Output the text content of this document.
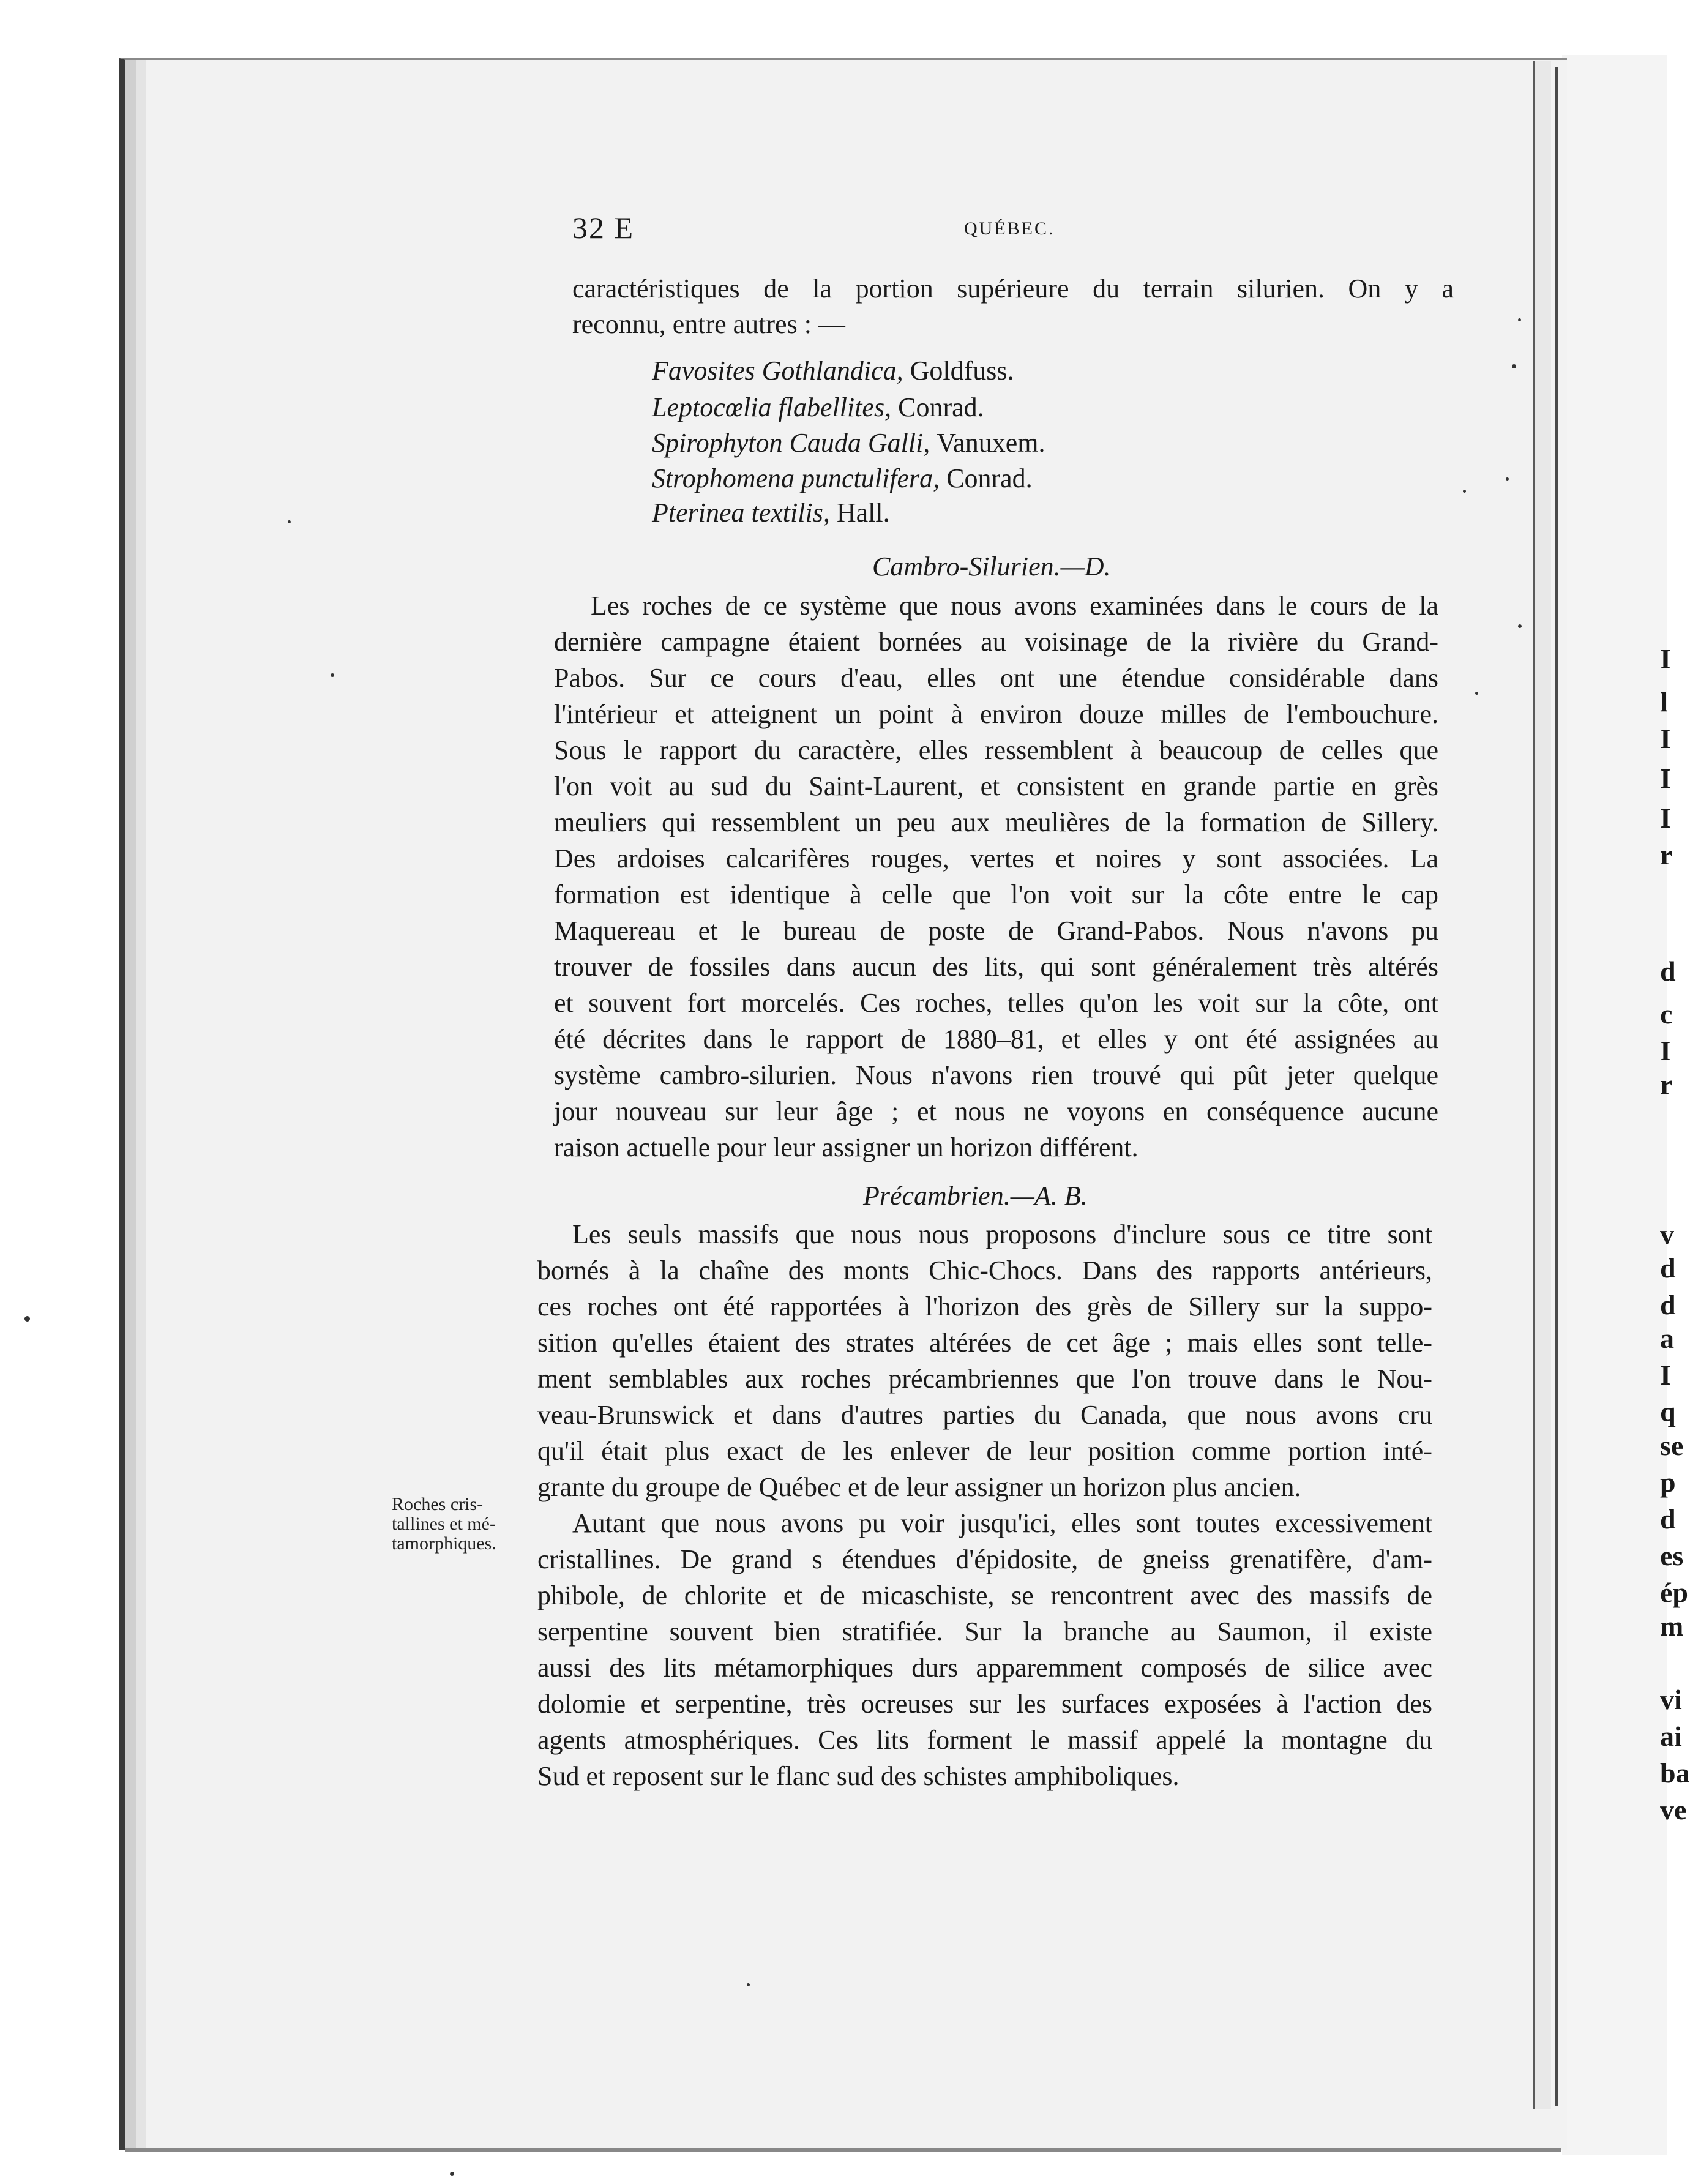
I
l
I
I
I
r
d
c
I
r
v
d
d
a
I
q
se
p
d
es
ép
m
vi
ai
ba
ve
32 E	QUÉBEC.
caractéristiques de la portion supérieure du terrain silurien. On y a
reconnu, entre autres : —
Favosites Gothlandica, Goldfuss.
Leptocœlia flabellites, Conrad.
Spirophyton Cauda Galli, Vanuxem.
Strophomena punctulifera, Conrad.
Pterinea textilis, Hall.
Cambro-Silurien.—D.
Les roches de ce système que nous avons examinées dans le cours de la
dernière campagne étaient bornées au voisinage de la rivière du Grand-
Pabos. Sur ce cours d'eau, elles ont une étendue considérable dans
l'intérieur et atteignent un point à environ douze milles de l'embouchure.
Sous le rapport du caractère, elles ressemblent à beaucoup de celles que
l'on voit au sud du Saint-Laurent, et consistent en grande partie en grès
meuliers qui ressemblent un peu aux meulières de la formation de Sillery.
Des ardoises calcarifères rouges, vertes et noires y sont associées. La
formation est identique à celle que l'on voit sur la côte entre le cap
Maquereau et le bureau de poste de Grand-Pabos. Nous n'avons pu
trouver de fossiles dans aucun des lits, qui sont généralement très altérés
et souvent fort morcelés. Ces roches, telles qu'on les voit sur la côte, ont
été décrites dans le rapport de 1880–81, et elles y ont été assignées au
système cambro-silurien. Nous n'avons rien trouvé qui pût jeter quelque
jour nouveau sur leur âge ; et nous ne voyons en conséquence aucune
raison actuelle pour leur assigner un horizon différent.
Précambrien.—A. B.
Les seuls massifs que nous nous proposons d'inclure sous ce titre sont
bornés à la chaîne des monts Chic-Chocs. Dans des rapports antérieurs,
ces roches ont été rapportées à l'horizon des grès de Sillery sur la suppo-
sition qu'elles étaient des strates altérées de cet âge ; mais elles sont telle-
ment semblables aux roches précambriennes que l'on trouve dans le Nou-
veau-Brunswick et dans d'autres parties du Canada, que nous avons cru
qu'il était plus exact de les enlever de leur position comme portion inté-
grante du groupe de Québec et de leur assigner un horizon plus ancien.
Autant que nous avons pu voir jusqu'ici, elles sont toutes excessivement
cristallines. De grand s étendues d'épidosite, de gneiss grenatifère, d'am-
phibole, de chlorite et de micaschiste, se rencontrent avec des massifs de
serpentine souvent bien stratifiée. Sur la branche au Saumon, il existe
aussi des lits métamorphiques durs apparemment composés de silice avec
dolomie et serpentine, très ocreuses sur les surfaces exposées à l'action des
agents atmosphériques. Ces lits forment le massif appelé la montagne du
Sud et reposent sur le flanc sud des schistes amphiboliques.
Roches cris-
tallines et mé-
tamorphiques.
